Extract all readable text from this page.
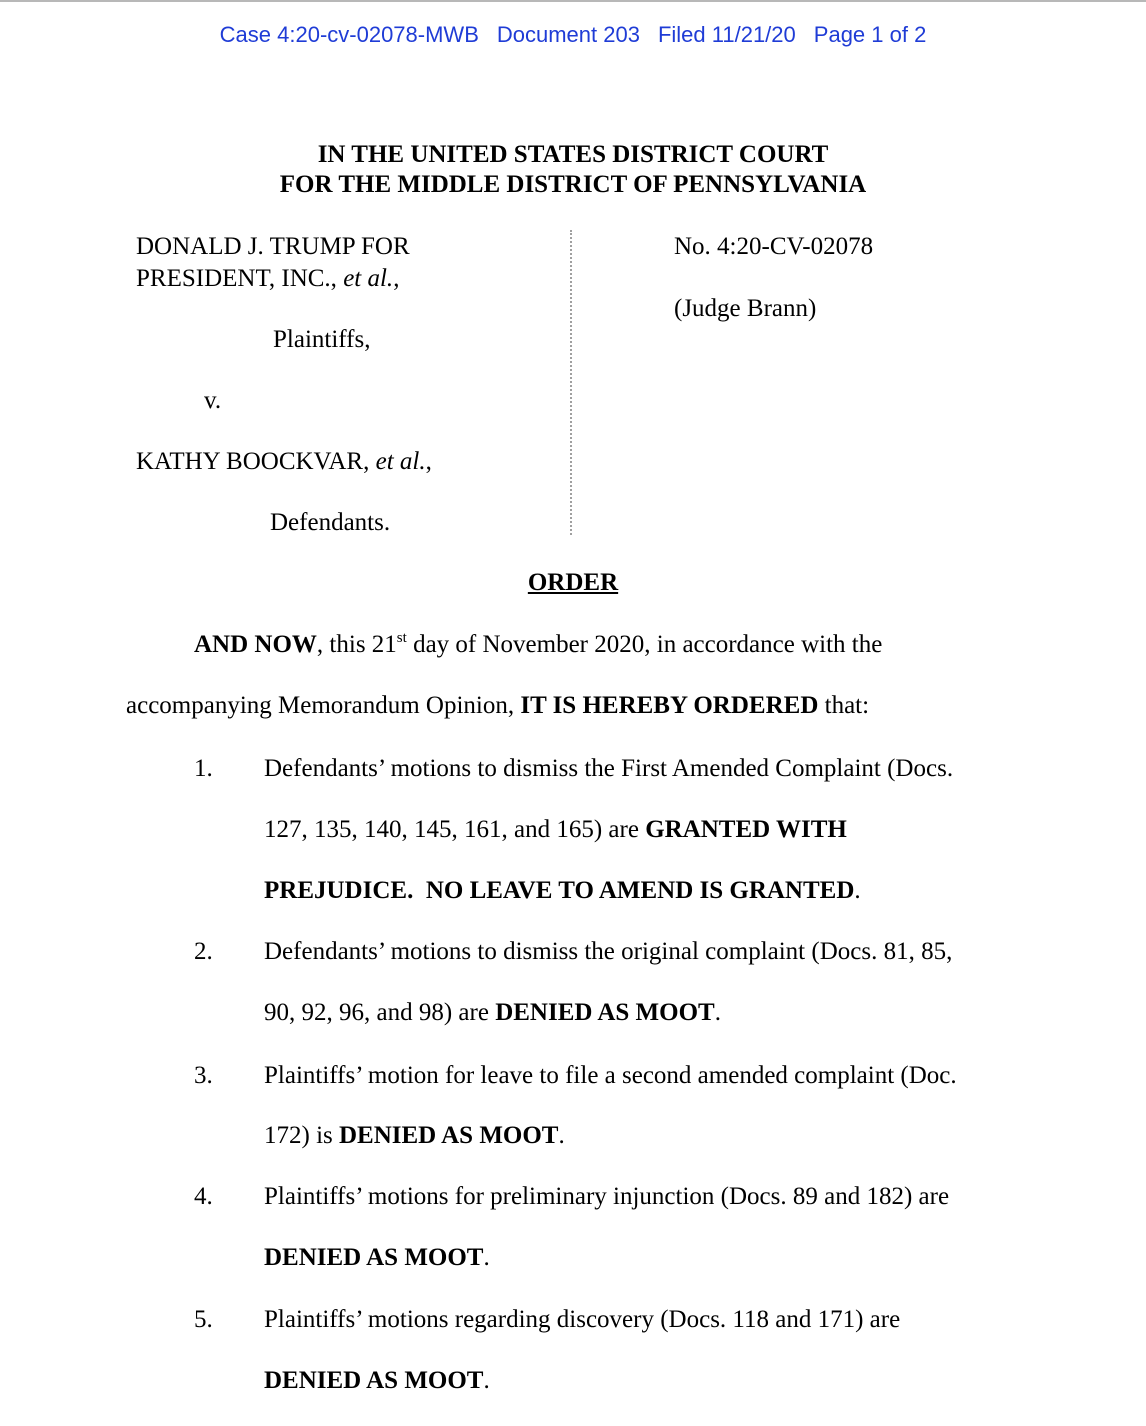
Case 4:20-cv-02078-MWB Document 203 Filed 11/21/20 Page 1 of 2
IN THE UNITED STATES DISTRICT COURT
FOR THE MIDDLE DISTRICT OF PENNSYLVANIA
DONALD J. TRUMP FOR
PRESIDENT, INC., et al.,
Plaintiffs,
v.
KATHY BOOCKVAR, et al.,
Defendants.
No. 4:20-CV-02078
(Judge Brann)
ORDER
AND NOW, this 21st day of November 2020, in accordance with the
accompanying Memorandum Opinion, IT IS HEREBY ORDERED that:
1. Defendants’ motions to dismiss the First Amended Complaint (Docs.
127, 135, 140, 145, 161, and 165) are GRANTED WITH
PREJUDICE.  NO LEAVE TO AMEND IS GRANTED.
2. Defendants’ motions to dismiss the original complaint (Docs. 81, 85,
90, 92, 96, and 98) are DENIED AS MOOT.
3. Plaintiffs’ motion for leave to file a second amended complaint (Doc.
172) is DENIED AS MOOT.
4. Plaintiffs’ motions for preliminary injunction (Docs. 89 and 182) are
DENIED AS MOOT.
5. Plaintiffs’ motions regarding discovery (Docs. 118 and 171) are
DENIED AS MOOT.
